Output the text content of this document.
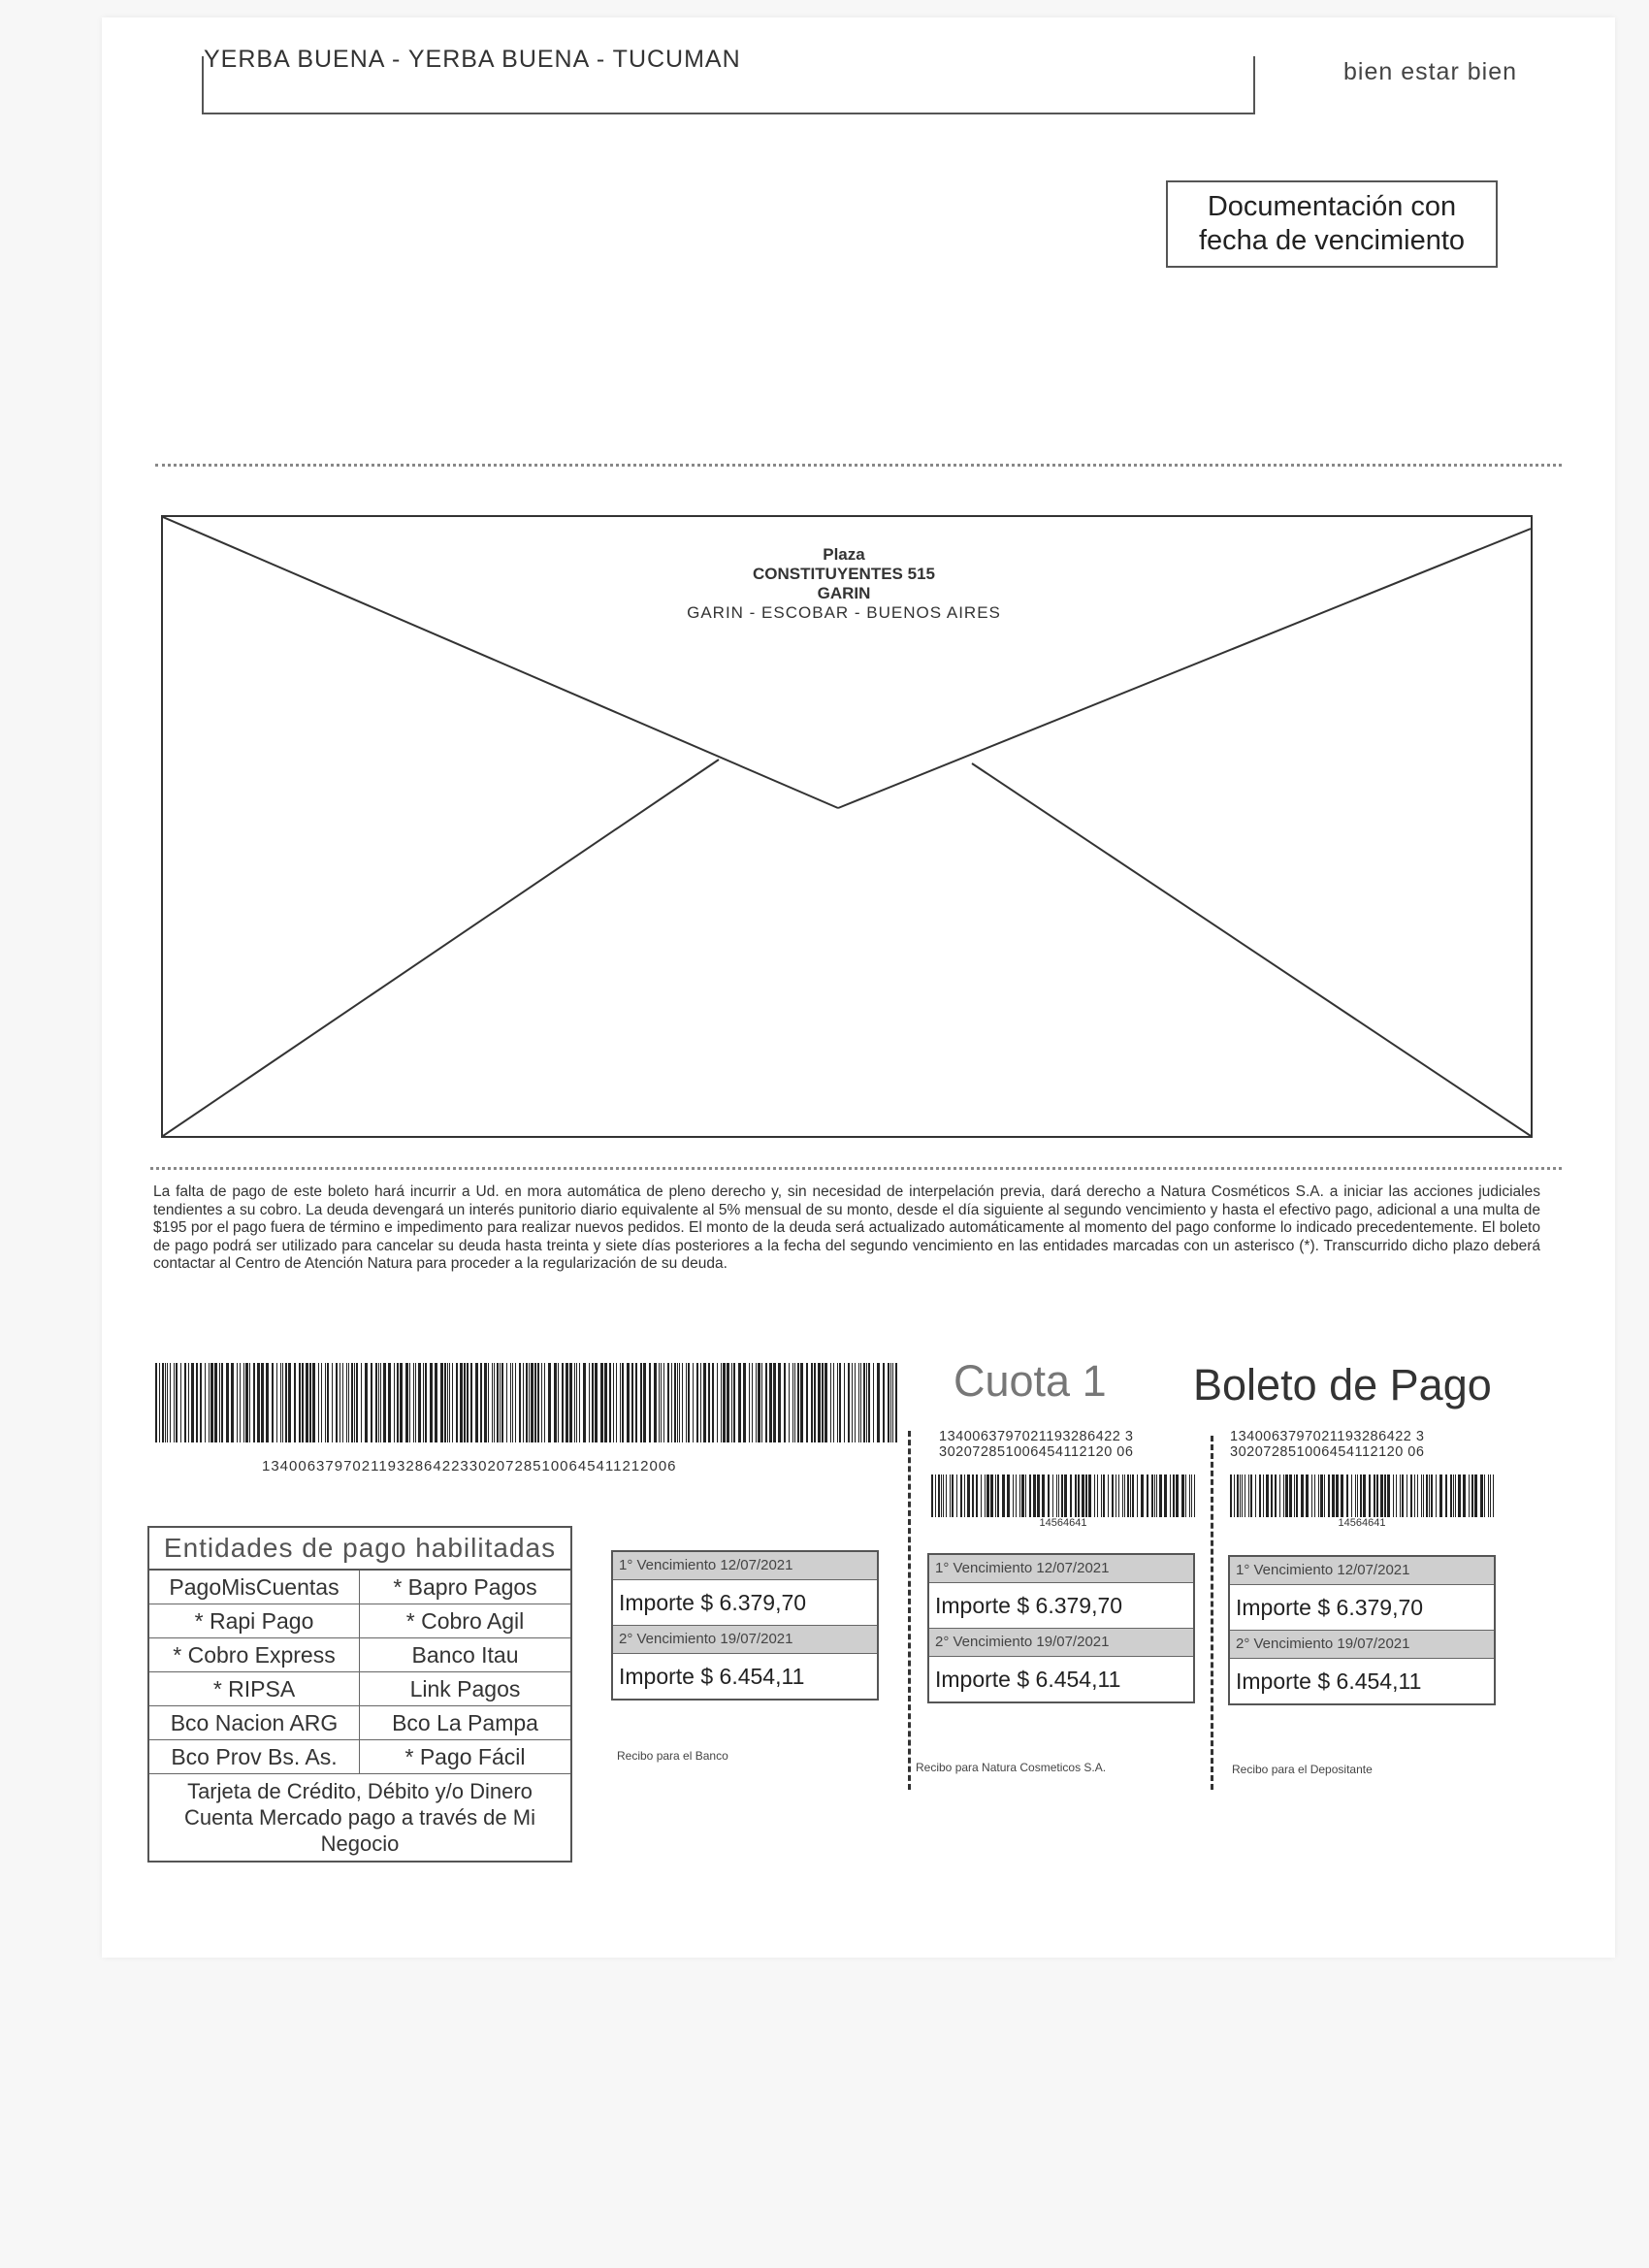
YERBA BUENA - YERBA BUENA - TUCUMAN	bien estar bien
Documentación con
fecha de vencimiento
Plaza
CONSTITUYENTES 515
GARIN
GARIN - ESCOBAR - BUENOS AIRES
La falta de pago de este boleto hará incurrir a Ud. en mora automática de pleno derecho y, sin necesidad de interpelación previa, dará derecho a Natura Cosméticos S.A. a iniciar las acciones judiciales tendientes a su cobro. La deuda devengará un interés punitorio diario equivalente al 5% mensual de su monto, desde el día siguiente al segundo vencimiento y hasta el efectivo pago, adicional a una multa de $195 por el pago fuera de término e impedimento para realizar nuevos pedidos. El monto de la deuda será actualizado automáticamente al momento del pago conforme lo indicado precedentemente. El boleto de pago podrá ser utilizado para cancelar su deuda hasta treinta y siete días posteriores a la fecha del segundo vencimiento en las entidades marcadas con un asterisco (*). Transcurrido dicho plazo deberá contactar al Centro de Atención Natura para proceder a la regularización de su deuda.
1340063797021193286422330207285100645411212006
Cuota 1 Boleto de Pago
Entidades de pago habilitadas
PagoMisCuentas	* Bapro Pagos
* Rapi Pago	* Cobro Agil
* Cobro Express	Banco Itau
* RIPSA	Link Pagos
Bco Nacion ARG	Bco La Pampa
Bco Prov Bs. As.	* Pago Fácil
Tarjeta de Crédito, Débito y/o Dinero Cuenta Mercado pago a través de Mi Negocio
1° Vencimiento 12/07/2021
Importe $ 6.379,70
2° Vencimiento 19/07/2021
Importe $ 6.454,11
Recibo para el Banco
1340063797021193286422 3
302072851006454112120 06
14564641
1° Vencimiento 12/07/2021
Importe $ 6.379,70
2° Vencimiento 19/07/2021
Importe $ 6.454,11
Recibo para Natura Cosmeticos S.A.
1340063797021193286422 3
302072851006454112120 06
14564641
1° Vencimiento 12/07/2021
Importe $ 6.379,70
2° Vencimiento 19/07/2021
Importe $ 6.454,11
Recibo para el Depositante
